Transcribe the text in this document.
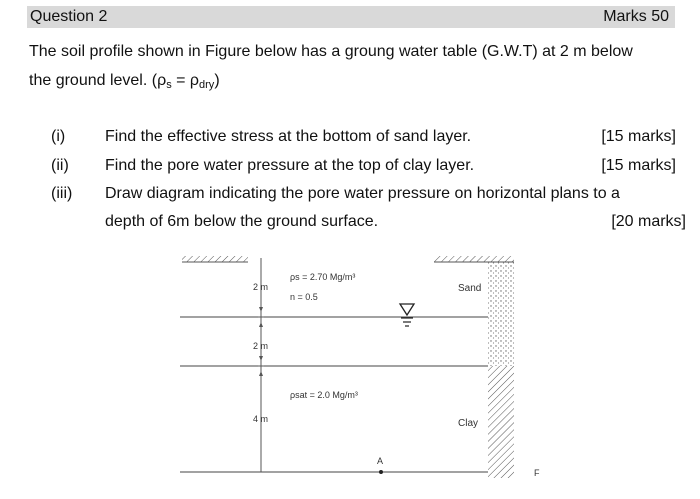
Question 2	Marks 50
The soil profile shown in Figure below has a groung water table (G.W.T) at 2 m below
the ground level. $(\rho_s = \rho_{dry})$
(i) Find the effective stress at the bottom of sand layer.	[15 marks]
(ii) Find the pore water pressure at the top of clay layer.	[15 marks]
(iii) Draw diagram indicating the pore water pressure on horizontal plans to a
depth of 6m below the ground surface.	[20 marks]
2 m
2 m
4 m
ρs = 2.70 Mg/m³
n = 0.5
ρsat = 2.0 Mg/m³
Sand
Clay
A
F
